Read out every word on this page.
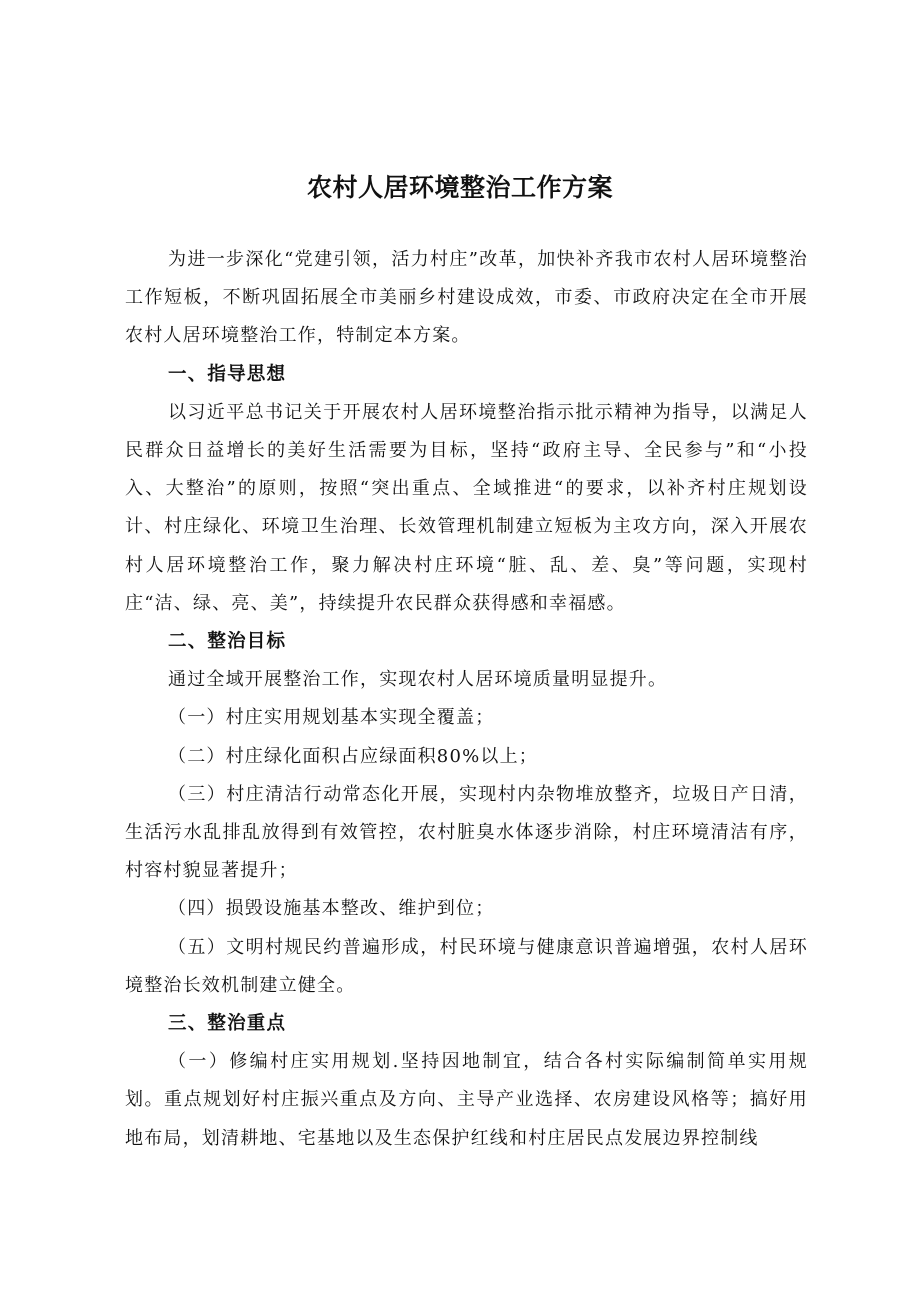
农村人居环境整治工作方案

为进一步深化“党建引领，活力村庄”改革，加快补齐我市农村人居环境整治工作短板，不断巩固拓展全市美丽乡村建设成效，市委、市政府决定在全市开展农村人居环境整治工作，特制定本方案。

一、指导思想

以习近平总书记关于开展农村人居环境整治指示批示精神为指导，以满足人民群众日益增长的美好生活需要为目标，坚持“政府主导、全民参与”和“小投入、大整治”的原则，按照“突出重点、全域推进“的要求，以补齐村庄规划设计、村庄绿化、环境卫生治理、长效管理机制建立短板为主攻方向，深入开展农村人居环境整治工作，聚力解决村庄环境“脏、乱、差、臭”等问题，实现村庄“洁、绿、亮、美”，持续提升农民群众获得感和幸福感。

二、整治目标

通过全域开展整治工作，实现农村人居环境质量明显提升。

（一）村庄实用规划基本实现全覆盖；

（二）村庄绿化面积占应绿面积80%以上；

（三）村庄清洁行动常态化开展，实现村内杂物堆放整齐，垃圾日产日清，生活污水乱排乱放得到有效管控，农村脏臭水体逐步消除，村庄环境清洁有序，村容村貌显著提升；

（四）损毁设施基本整改、维护到位；

（五）文明村规民约普遍形成，村民环境与健康意识普遍增强，农村人居环境整治长效机制建立健全。

三、整治重点

（一）修编村庄实用规划.坚持因地制宜，结合各村实际编制简单实用规划。重点规划好村庄振兴重点及方向、主导产业选择、农房建设风格等；搞好用地布局，划清耕地、宅基地以及生态保护红线和村庄居民点发展边界控制线
